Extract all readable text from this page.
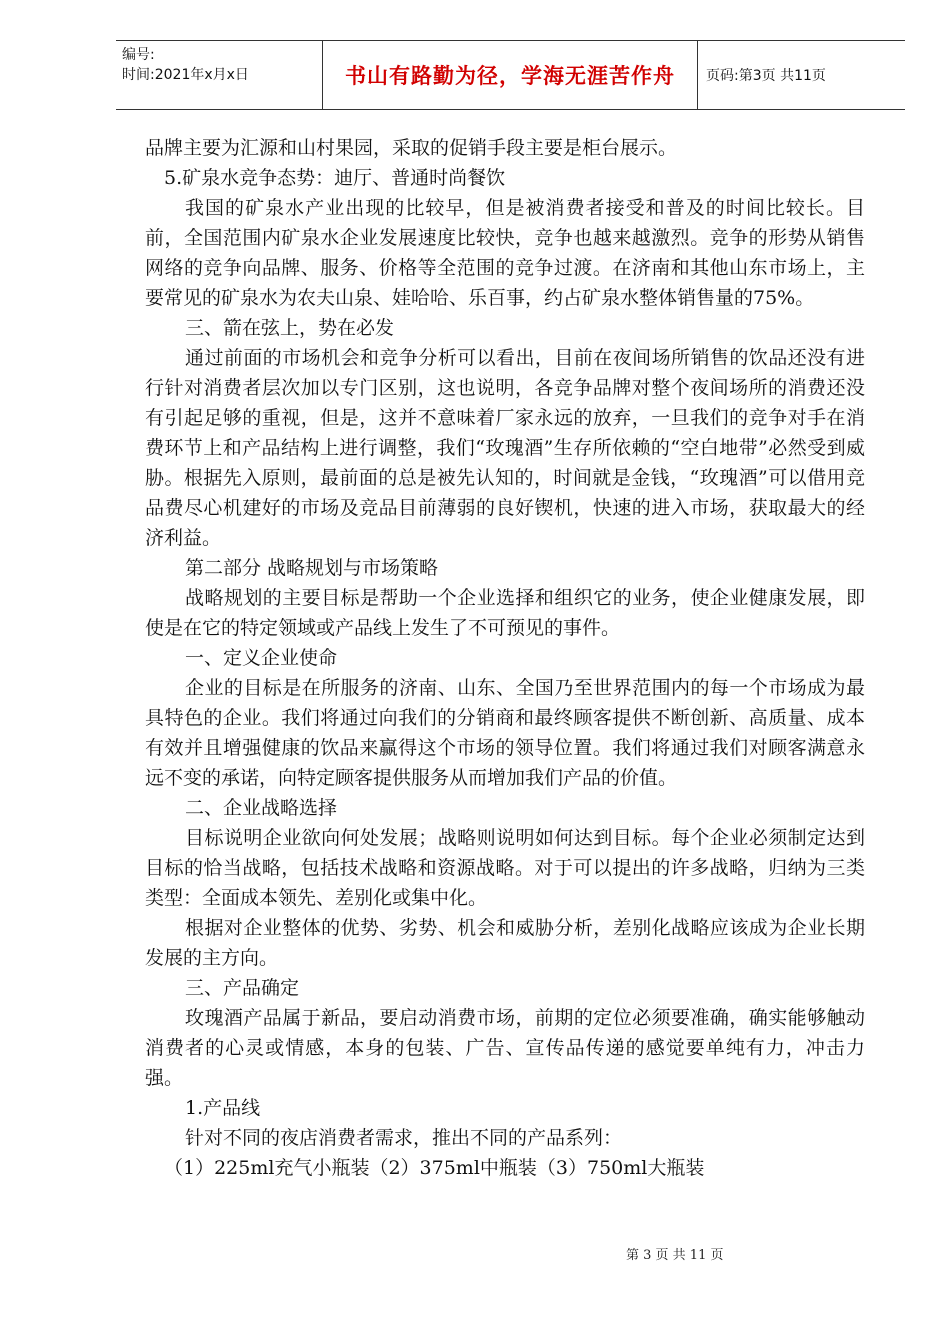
编号:
时间:2021年x月x日	书山有路勤为径，学海无涯苦作舟	页码:第3页 共11页

品牌主要为汇源和山村果园，采取的促销手段主要是柜台展示。

5.矿泉水竞争态势：迪厅、普通时尚餐饮

我国的矿泉水产业出现的比较早，但是被消费者接受和普及的时间比较长。目前，全国范围内矿泉水企业发展速度比较快，竞争也越来越激烈。竞争的形势从销售网络的竞争向品牌、服务、价格等全范围的竞争过渡。在济南和其他山东市场上，主要常见的矿泉水为农夫山泉、娃哈哈、乐百事，约占矿泉水整体销售量的75%。

三、箭在弦上，势在必发

通过前面的市场机会和竞争分析可以看出，目前在夜间场所销售的饮品还没有进行针对消费者层次加以专门区别，这也说明，各竞争品牌对整个夜间场所的消费还没有引起足够的重视，但是，这并不意味着厂家永远的放弃，一旦我们的竞争对手在消费环节上和产品结构上进行调整，我们“玫瑰酒”生存所依赖的“空白地带”必然受到威胁。根据先入原则，最前面的总是被先认知的，时间就是金钱，“玫瑰酒”可以借用竞品费尽心机建好的市场及竞品目前薄弱的良好锲机，快速的进入市场，获取最大的经济利益。

第二部分 战略规划与市场策略

战略规划的主要目标是帮助一个企业选择和组织它的业务，使企业健康发展，即使是在它的特定领域或产品线上发生了不可预见的事件。

一、定义企业使命

企业的目标是在所服务的济南、山东、全国乃至世界范围内的每一个市场成为最具特色的企业。我们将通过向我们的分销商和最终顾客提供不断创新、高质量、成本有效并且增强健康的饮品来赢得这个市场的领导位置。我们将通过我们对顾客满意永远不变的承诺，向特定顾客提供服务从而增加我们产品的价值。

二、企业战略选择

目标说明企业欲向何处发展；战略则说明如何达到目标。每个企业必须制定达到目标的恰当战略，包括技术战略和资源战略。对于可以提出的许多战略，归纳为三类类型：全面成本领先、差别化或集中化。

根据对企业整体的优势、劣势、机会和威胁分析，差别化战略应该成为企业长期发展的主方向。

三、产品确定

玫瑰酒产品属于新品，要启动消费市场，前期的定位必须要准确，确实能够触动消费者的心灵或情感，本身的包装、广告、宣传品传递的感觉要单纯有力，冲击力强。

1.产品线

针对不同的夜店消费者需求，推出不同的产品系列：

（1）225ml充气小瓶装（2）375ml中瓶装（3）750ml大瓶装

第 3 页 共 11 页
